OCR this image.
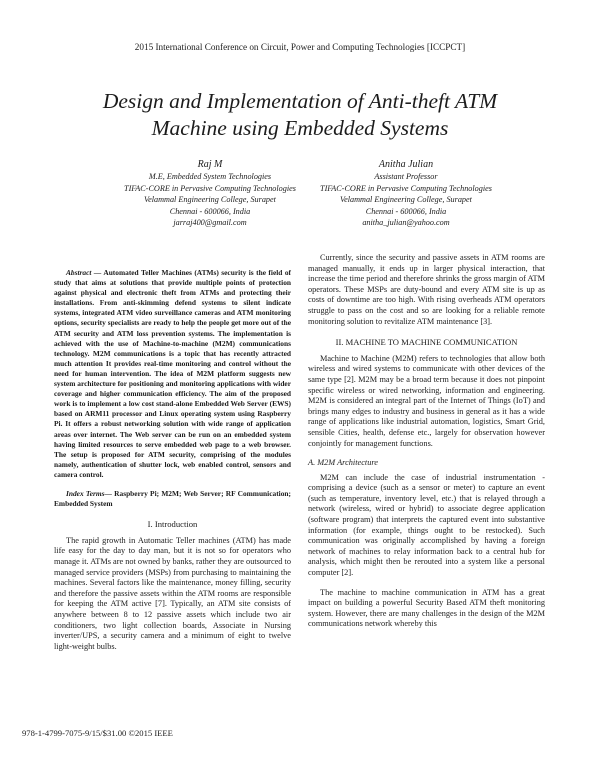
2015 International Conference on Circuit, Power and Computing Technologies [ICCPCT]
Design and Implementation of Anti-theft ATM
Machine using Embedded Systems
Raj M
M.E, Embedded System Technologies
TIFAC-CORE in Pervasive Computing Technologies
Velammal Engineering College, Surapet
Chennai - 600066, India
jarraj400@gmail.com
Anitha Julian
Assistant Professor
TIFAC-CORE in Pervasive Computing Technologies
Velammal Engineering College, Surapet
Chennai - 600066, India
anitha_julian@yahoo.com

Abstract — Automated Teller Machines (ATMs) security is the field of study that aims at solutions that provide multiple points of protection against physical and electronic theft from ATMs and protecting their installations. From anti-skimming defend systems to silent indicate systems, integrated ATM video surveillance cameras and ATM monitoring options, security specialists are ready to help the people get more out of the ATM security and ATM loss prevention systems. The implementation is achieved with the use of Machine-to-machine (M2M) communications technology. M2M communications is a topic that has recently attracted much attention It provides real-time monitoring and control without the need for human intervention. The idea of M2M platform suggests new system architecture for positioning and monitoring applications with wider coverage and higher communication efficiency. The aim of the proposed work is to implement a low cost stand-alone Embedded Web Server (EWS) based on ARM11 processor and Linux operating system using Raspberry Pi. It offers a robust networking solution with wide range of application areas over internet. The Web server can be run on an embedded system having limited resources to serve embedded web page to a web browser. The setup is proposed for ATM security, comprising of the modules namely, authentication of shutter lock, web enabled control, sensors and camera control.

Index Terms— Raspberry Pi; M2M; Web Server; RF Communication; Embedded System

I. Introduction

The rapid growth in Automatic Teller machines (ATM) has made life easy for the day to day man, but it is not so for operators who manage it. ATMs are not owned by banks, rather they are outsourced to managed service providers (MSPs) from purchasing to maintaining the machines. Several factors like the maintenance, money filling, security and therefore the passive assets within the ATM rooms are responsible for keeping the ATM active [7]. Typically, an ATM site consists of anywhere between 8 to 12 passive assets which include two air conditioners, two light collection boards, Associate in Nursing inverter/UPS, a security camera and a minimum of eight to twelve light-weight bulbs.

Currently, since the security and passive assets in ATM rooms are managed manually, it ends up in larger physical interaction, that increase the time period and therefore shrinks the gross margin of ATM operators. These MSPs are duty-bound and every ATM site is up as costs of downtime are too high. With rising overheads ATM operators struggle to pass on the cost and so are looking for a reliable remote monitoring solution to revitalize ATM maintenance [3].

II. MACHINE TO MACHINE COMMUNICATION

Machine to Machine (M2M) refers to technologies that allow both wireless and wired systems to communicate with other devices of the same type [2]. M2M may be a broad term because it does not pinpoint specific wireless or wired networking, information and engineering. M2M is considered an integral part of the Internet of Things (IoT) and brings many edges to industry and business in general as it has a wide range of applications like industrial automation, logistics, Smart Grid, sensible Cities, health, defense etc., largely for observation however conjointly for management functions.

A. M2M Architecture

M2M can include the case of industrial instrumentation - comprising a device (such as a sensor or meter) to capture an event (such as temperature, inventory level, etc.) that is relayed through a network (wireless, wired or hybrid) to associate degree application (software program) that interprets the captured event into substantive information (for example, things ought to be restocked). Such communication was originally accomplished by having a foreign network of machines to relay information back to a central hub for analysis, which might then be rerouted into a system like a personal computer [2].

The machine to machine communication in ATM has a great impact on building a powerful Security Based ATM theft monitoring system. However, there are many challenges in the design of the M2M communications network whereby this

978-1-4799-7075-9/15/$31.00 ©2015 IEEE
